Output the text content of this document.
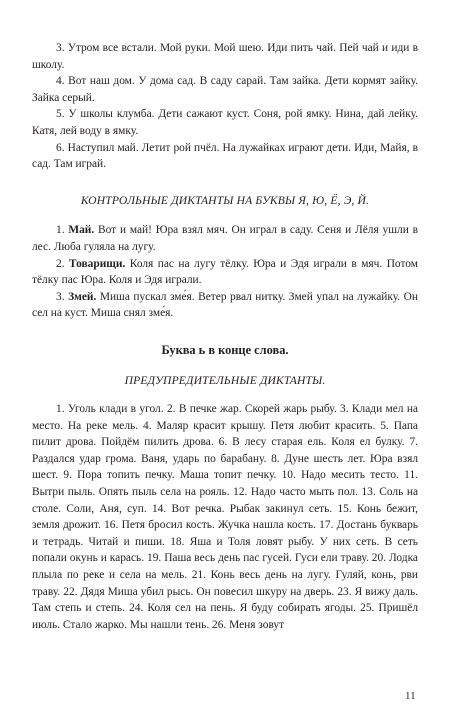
3. Утром все встали. Мой руки. Мой шею. Иди пить чай. Пей чай и иди в школу.

4. Вот наш дом. У дома сад. В саду сарай. Там зайка. Дети кормят зайку. Зайка серый.

5. У школы клумба. Дети сажают куст. Соня, рой ямку. Нина, дай лейку. Катя, лей воду в ямку.

6. Наступил май. Летит рой пчёл. На лужайках играют дети. Иди, Майя, в сад. Там играй.

КОНТРОЛЬНЫЕ ДИКТАНТЫ НА БУКВЫ Я, Ю, Ё, Э, Й.

1. Май. Вот и май! Юра взял мяч. Он играл в саду. Сеня и Лёля ушли в лес. Люба гуляла на лугу.

2. Товарищи. Коля пас на лугу тёлку. Юра и Эдя играли в мяч. Потом тёлку пас Юра. Коля и Эдя играли.

3. Змей. Миша пускал зме́я. Ветер рвал нитку. Змей упал на лужайку. Он сел на куст. Миша снял зме́я.

Буква ь в конце слова.
ПРЕДУПРЕДИТЕЛЬНЫЕ ДИКТАНТЫ.

1. Уголь клади в угол. 2. В печке жар. Скорей жарь рыбу. 3. Клади мел на место. На реке мель. 4. Маляр красит крышу. Петя любит красить. 5. Папа пилит дрова. Пойдём пилить дрова. 6. В лесу старая ель. Коля ел булку. 7. Раздался удар грома. Ваня, ударь по барабану. 8. Дуне шесть лет. Юра взял шест. 9. Пора топить печку. Маша топит печку. 10. Надо месить тесто. 11. Вытри пыль. Опять пыль села на рояль. 12. Надо часто мыть пол. 13. Соль на столе. Соли, Аня, суп. 14. Вот речка. Рыбак закинул сеть. 15. Конь бежит, земля дрожит. 16. Петя бросил кость. Жучка нашла кость. 17. Достань букварь и тетрадь. Читай и пиши. 18. Яша и Толя ловят рыбу. У них сеть. В сеть попали окунь и карась. 19. Паша весь день пас гусей. Гуси ели траву. 20. Лодка плыла по реке и села на мель. 21. Конь весь день на лугу. Гуляй, конь, рви траву. 22. Дядя Миша убил рысь. Он повесил шкуру на дверь. 23. Я вижу даль. Там степь и степь. 24. Коля сел на пень. Я буду собирать ягоды. 25. Пришёл июль. Стало жарко. Мы нашли тень. 26. Меня зовут

11
